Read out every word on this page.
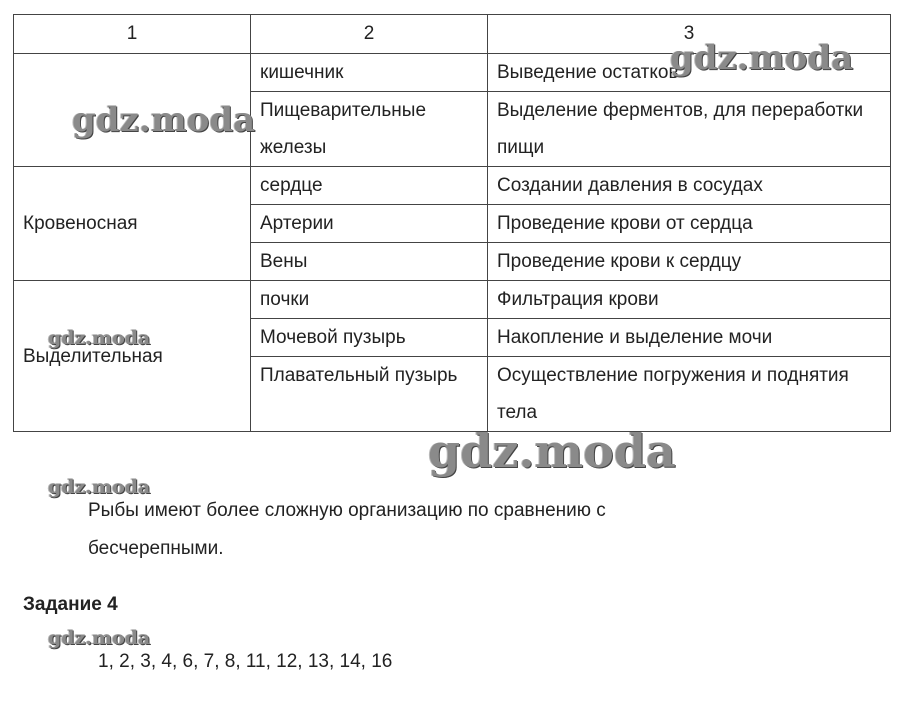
1	2	3
	кишечник	Выведение остатков
	Пищеварительные железы	Выделение ферментов, для переработки пищи
Кровеносная	сердце	Создании давления в сосудах
	Артерии	Проведение крови от сердца
	Вены	Проведение крови к сердцу
Выделительная	почки	Фильтрация крови
	Мочевой пузырь	Накопление и выделение мочи
	Плавательный пузырь	Осуществление погружения и поднятия тела
Рыбы имеют более сложную организацию по сравнению с бесчерепными.
Задание 4
1, 2, 3, 4, 6, 7, 8, 11, 12, 13, 14, 16
gdz.moda
gdz.moda
gdz.moda
gdz.moda
gdz.moda
gdz.moda
